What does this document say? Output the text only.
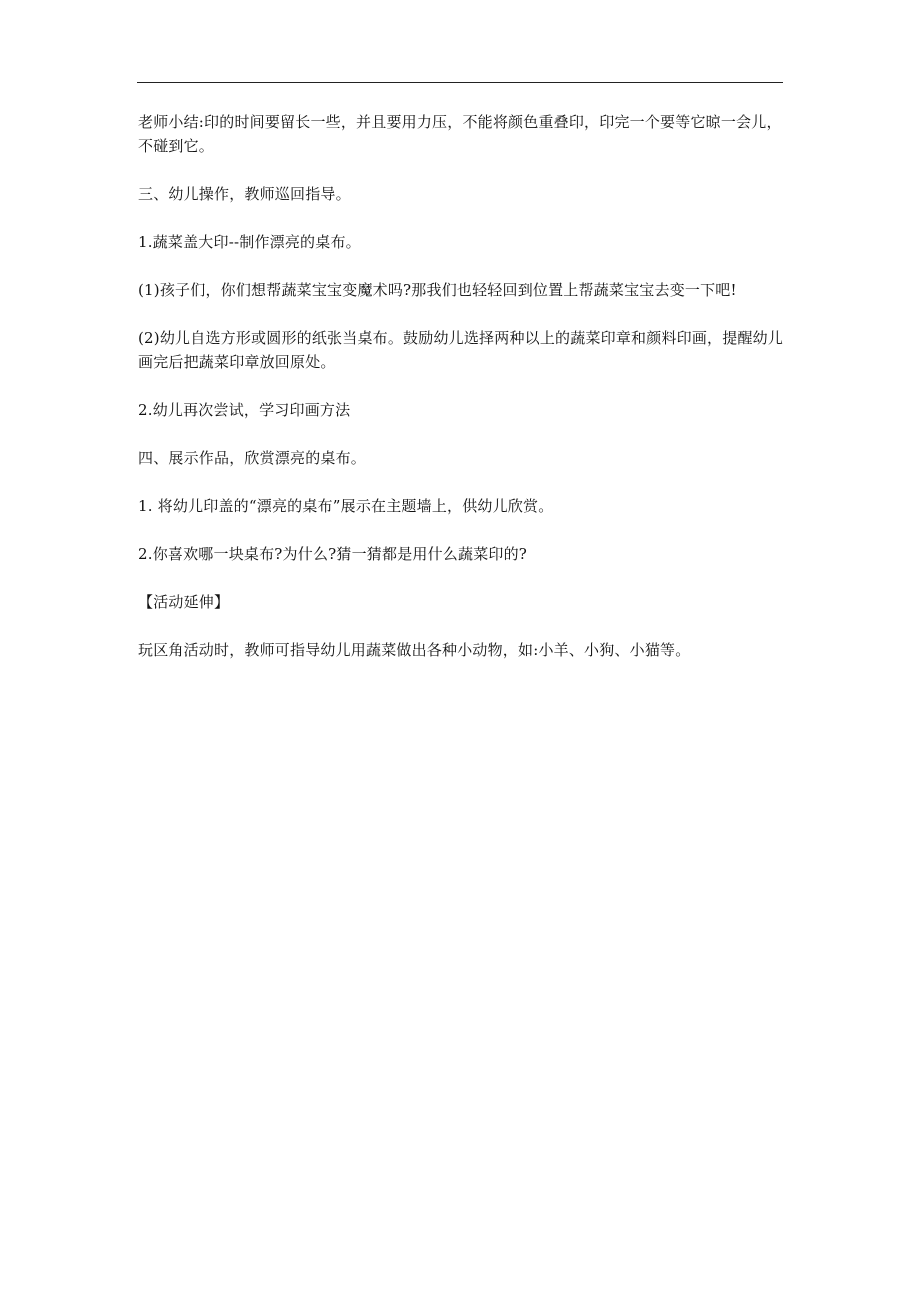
老师小结:印的时间要留长一些，并且要用力压，不能将颜色重叠印，印完一个要等它晾一会儿，不碰到它。

三、幼儿操作，教师巡回指导。

1.蔬菜盖大印--制作漂亮的桌布。

(1)孩子们，你们想帮蔬菜宝宝变魔术吗?那我们也轻轻回到位置上帮蔬菜宝宝去变一下吧!

(2)幼儿自选方形或圆形的纸张当桌布。鼓励幼儿选择两种以上的蔬菜印章和颜料印画，提醒幼儿画完后把蔬菜印章放回原处。

2.幼儿再次尝试，学习印画方法

四、展示作品，欣赏漂亮的桌布。

1. 将幼儿印盖的“漂亮的桌布”展示在主题墙上，供幼儿欣赏。

2.你喜欢哪一块桌布?为什么?猜一猜都是用什么蔬菜印的?

【活动延伸】

玩区角活动时，教师可指导幼儿用蔬菜做出各种小动物，如:小羊、小狗、小猫等。
